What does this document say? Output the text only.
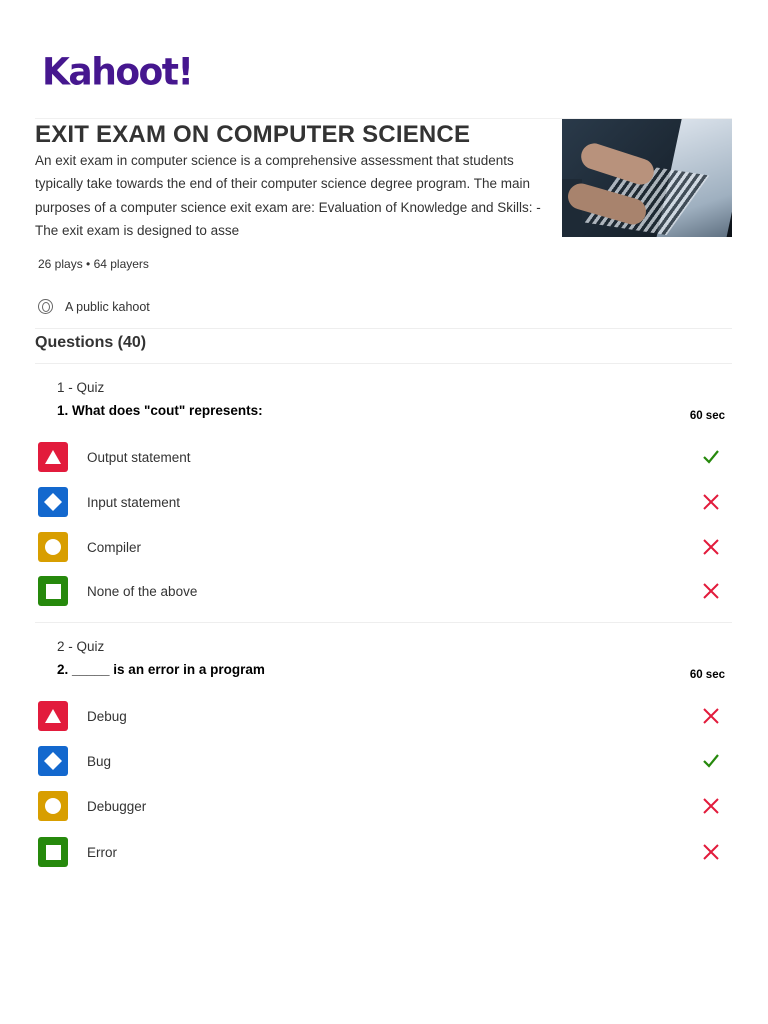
Kahoot!
EXIT EXAM ON COMPUTER SCIENCE
An exit exam in computer science is a comprehensive assessment that students typically take towards the end of their computer science degree program. The main purposes of a computer science exit exam are: Evaluation of Knowledge and Skills: - The exit exam is designed to asse
26 plays • 64 players
A public kahoot
Questions (40)
1 - Quiz
1. What does "cout" represents:	60 sec
Output statement
Input statement
Compiler
None of the above
2 - Quiz
2. _____ is an error in a program	60 sec
Debug
Bug
Debugger
Error
